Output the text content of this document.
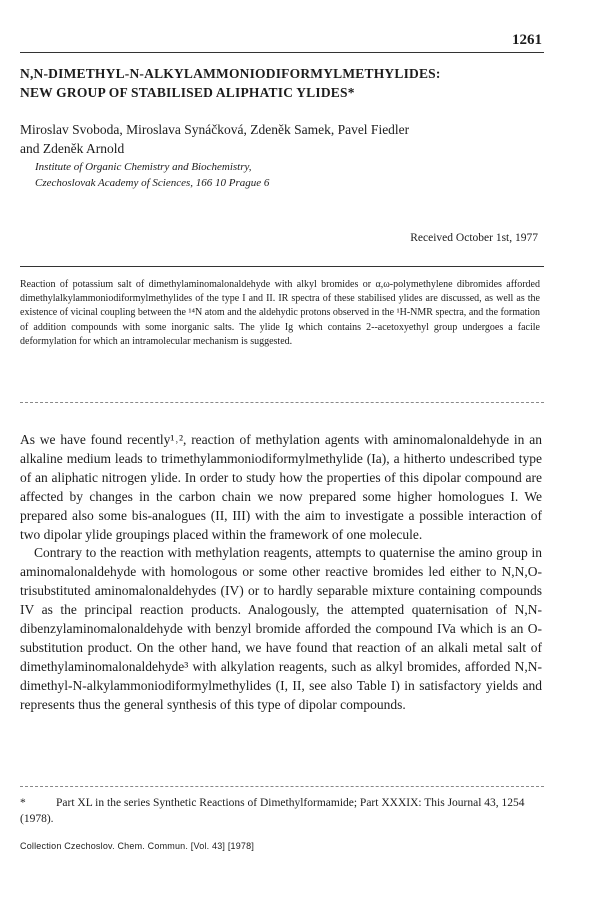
1261
N,N-DIMETHYL-N-ALKYLAMMONIODIFORMYLMETHYLIDES:
NEW GROUP OF STABILISED ALIPHATIC YLIDES*
Miroslav Svoboda, Miroslava Synáčková, Zdeněk Samek, Pavel Fiedler
and Zdeněk Arnold
Institute of Organic Chemistry and Biochemistry,
Czechoslovak Academy of Sciences, 166 10 Prague 6
Received October 1st, 1977
Reaction of potassium salt of dimethylaminomalonaldehyde with alkyl bromides or α,ω-polymethylene dibromides afforded dimethylalkylammoniodiformylmethylides of the type I and II. IR spectra of these stabilised ylides are discussed, as well as the existence of vicinal coupling between the ¹⁴N atom and the aldehydic protons observed in the ¹H-NMR spectra, and the formation of addition compounds with some inorganic salts. The ylide Ig which contains 2--acetoxyethyl group undergoes a facile deformylation for which an intramolecular mechanism is suggested.

As we have found recently¹˒², reaction of methylation agents with aminomalonaldehyde in an alkaline medium leads to trimethylammoniodiformylmethylide (Ia), a hitherto undescribed type of an aliphatic nitrogen ylide. In order to study how the properties of this dipolar compound are affected by changes in the carbon chain we now prepared some higher homologues I. We prepared also some bis-analogues (II, III) with the aim to investigate a possible interaction of two dipolar ylide groupings placed within the framework of one molecule.

Contrary to the reaction with methylation reagents, attempts to quaternise the amino group in aminomalonaldehyde with homologous or some other reactive bromides led either to N,N,O-trisubstituted aminomalonaldehydes (IV) or to hardly separable mixture containing compounds IV as the principal reaction products. Analogously, the attempted quaternisation of N,N-dibenzylaminomalonaldehyde with benzyl bromide afforded the compound IVa which is an O-substitution product. On the other hand, we have found that reaction of an alkali metal salt of dimethylaminomalonaldehyde³ with alkylation reagents, such as alkyl bromides, afforded N,N-dimethyl-N-alkylammoniodiformylmethylides (I, II, see also Table I) in satisfactory yields and represents thus the general synthesis of this type of dipolar compounds.

*	Part XL in the series Synthetic Reactions of Dimethylformamide; Part XXXIX: This Journal 43, 1254 (1978).
Collection Czechoslov. Chem. Commun. [Vol. 43] [1978]
